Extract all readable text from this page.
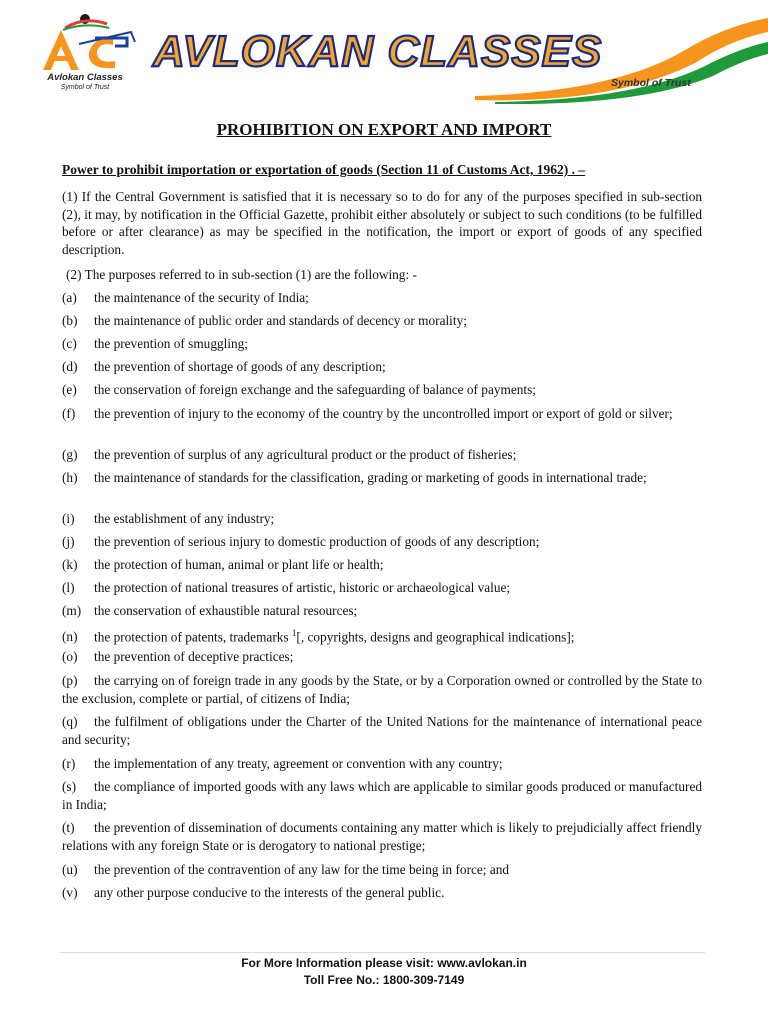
Avlokan Classes
Symbol of Trust
AVLOKAN CLASSES
Symbol of Trust
PROHIBITION ON EXPORT AND IMPORT
Power to prohibit importation or exportation of goods (Section 11 of Customs Act, 1962) . –
(1) If the Central Government is satisfied that it is necessary so to do for any of the purposes specified in sub-section (2), it may, by notification in the Official Gazette, prohibit either absolutely or subject to such conditions (to be fulfilled before or after clearance) as may be specified in the notification, the import or export of goods of any specified description.
(2) The purposes referred to in sub-section (1) are the following: -
(a) the maintenance of the security of India;
(b) the maintenance of public order and standards of decency or morality;
(c) the prevention of smuggling;
(d) the prevention of shortage of goods of any description;
(e) the conservation of foreign exchange and the safeguarding of balance of payments;
(f) the prevention of injury to the economy of the country by the uncontrolled import or export of gold or silver;
(g) the prevention of surplus of any agricultural product or the product of fisheries;
(h) the maintenance of standards for the classification, grading or marketing of goods in international trade;
(i) the establishment of any industry;
(j) the prevention of serious injury to domestic production of goods of any description;
(k) the protection of human, animal or plant life or health;
(l) the protection of national treasures of artistic, historic or archaeological value;
(m) the conservation of exhaustible natural resources;
(n) the protection of patents, trademarks $^1$[, copyrights, designs and geographical indications];
(o) the prevention of deceptive practices;
(p) the carrying on of foreign trade in any goods by the State, or by a Corporation owned or controlled by the State to the exclusion, complete or partial, of citizens of India;
(q) the fulfilment of obligations under the Charter of the United Nations for the maintenance of international peace and security;
(r) the implementation of any treaty, agreement or convention with any country;
(s) the compliance of imported goods with any laws which are applicable to similar goods produced or manufactured in India;
(t) the prevention of dissemination of documents containing any matter which is likely to prejudicially affect friendly relations with any foreign State or is derogatory to national prestige;
(u) the prevention of the contravention of any law for the time being in force; and
(v) any other purpose conducive to the interests of the general public.
For More Information please visit: www.avlokan.in
Toll Free No.: 1800-309-7149
